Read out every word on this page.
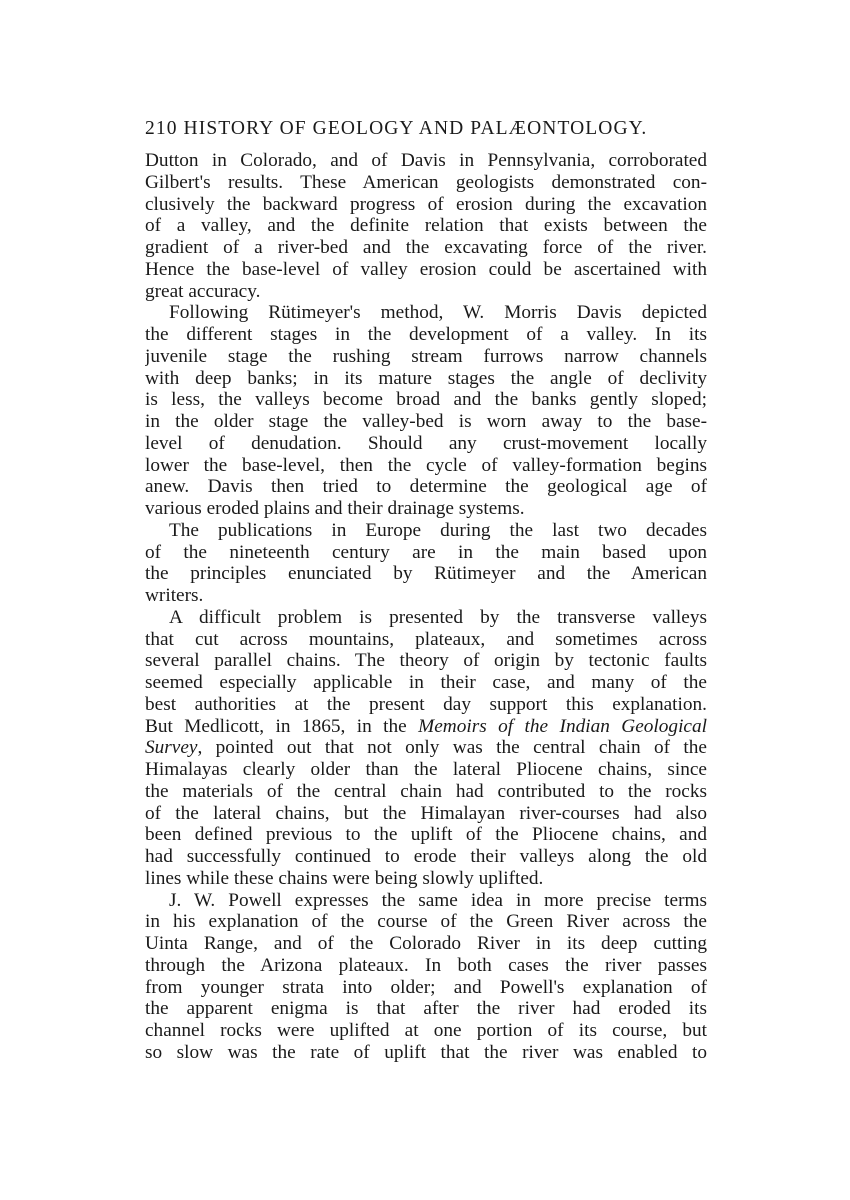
210 HISTORY OF GEOLOGY AND PALÆONTOLOGY.
Dutton in Colorado, and of Davis in Pennsylvania, corroborated
Gilbert's results. These American geologists demonstrated con-
clusively the backward progress of erosion during the excavation
of a valley, and the definite relation that exists between the
gradient of a river-bed and the excavating force of the river.
Hence the base-level of valley erosion could be ascertained with
great accuracy.
Following Rütimeyer's method, W. Morris Davis depicted
the different stages in the development of a valley. In its
juvenile stage the rushing stream furrows narrow channels
with deep banks; in its mature stages the angle of declivity
is less, the valleys become broad and the banks gently sloped;
in the older stage the valley-bed is worn away to the base-
level of denudation. Should any crust-movement locally
lower the base-level, then the cycle of valley-formation begins
anew. Davis then tried to determine the geological age of
various eroded plains and their drainage systems.
The publications in Europe during the last two decades
of the nineteenth century are in the main based upon
the principles enunciated by Rütimeyer and the American
writers.
A difficult problem is presented by the transverse valleys
that cut across mountains, plateaux, and sometimes across
several parallel chains. The theory of origin by tectonic faults
seemed especially applicable in their case, and many of the
best authorities at the present day support this explanation.
But Medlicott, in 1865, in the Memoirs of the Indian Geological
Survey, pointed out that not only was the central chain of the
Himalayas clearly older than the lateral Pliocene chains, since
the materials of the central chain had contributed to the rocks
of the lateral chains, but the Himalayan river-courses had also
been defined previous to the uplift of the Pliocene chains, and
had successfully continued to erode their valleys along the old
lines while these chains were being slowly uplifted.
J. W. Powell expresses the same idea in more precise terms
in his explanation of the course of the Green River across the
Uinta Range, and of the Colorado River in its deep cutting
through the Arizona plateaux. In both cases the river passes
from younger strata into older; and Powell's explanation of
the apparent enigma is that after the river had eroded its
channel rocks were uplifted at one portion of its course, but
so slow was the rate of uplift that the river was enabled to
